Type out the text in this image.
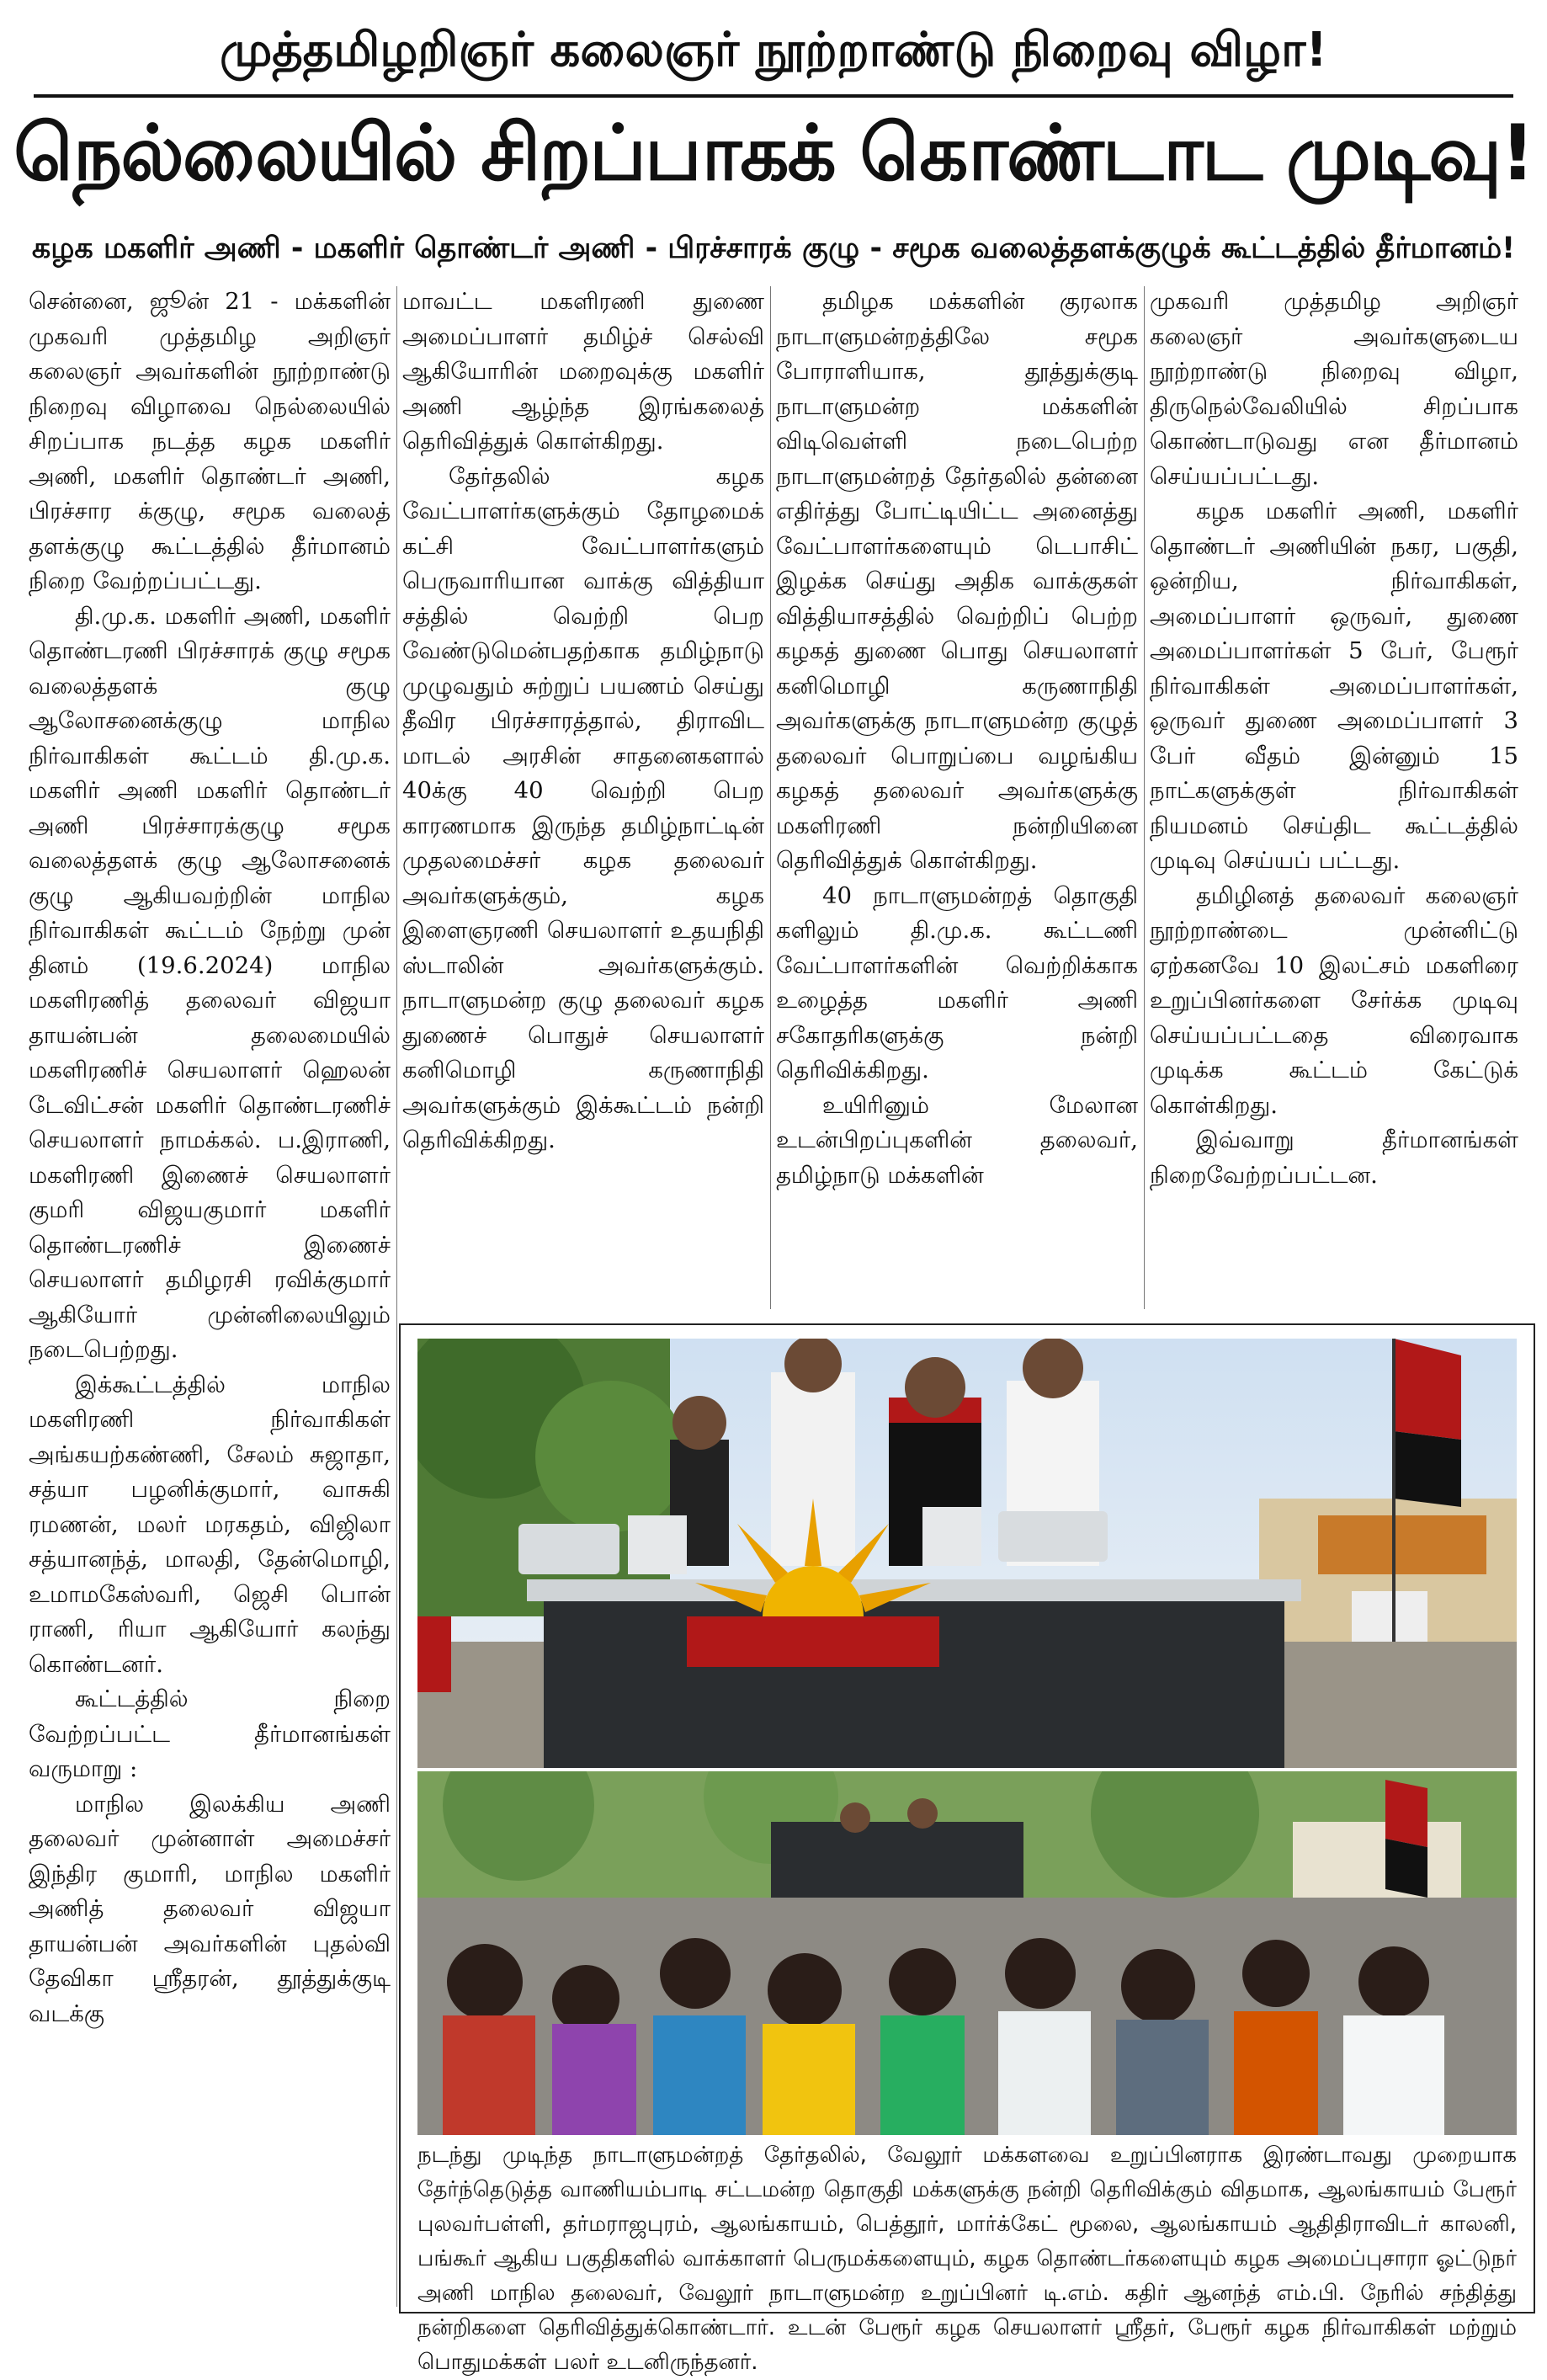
முத்தமிழறிஞர் கலைஞர் நூற்றாண்டு நிறைவு விழா!
நெல்லையில் சிறப்பாகக் கொண்டாட முடிவு!
கழக மகளிர் அணி - மகளிர் தொண்டர் அணி - பிரச்சாரக் குழு - சமூக வலைத்தளக்குழுக் கூட்டத்தில் தீர்மானம்!

சென்னை, ஜூன் 21 - மக்களின் முகவரி முத்தமிழ அறிஞர் கலைஞர் அவர்களின் நூற்றாண்டு நிறைவு விழாவை நெல்லையில் சிறப்பாக நடத்த கழக மகளிர் அணி, மகளிர் தொண்டர் அணி, பிரச்சார க்குழு, சமூக வலைத் தளக்குழு கூட்டத்தில் தீர்மானம் நிறை வேற்றப்பட்டது.

தி.மு.க. மகளிர் அணி, மகளிர் தொண்டரணி பிரச்சாரக் குழு சமூக வலைத்தளக் குழு ஆலோசனைக்குழு மாநில நிர்வாகிகள் கூட்டம் தி.மு.க. மகளிர் அணி மகளிர் தொண்டர் அணி பிரச்சாரக்குழு சமூக வலைத்தளக் குழு ஆலோசனைக் குழு ஆகியவற்றின் மாநில நிர்வாகிகள் கூட்டம் நேற்று முன் தினம் (19.6.2024) மாநில மகளிரணித் தலைவர் விஜயா தாயன்பன் தலைமையில் மகளிரணிச் செயலாளர் ஹெலன் டேவிட்சன் மகளிர் தொண்டரணிச் செயலாளர் நாமக்கல். ப.இராணி, மகளிரணி இணைச் செயலாளர் குமரி விஜயகுமார் மகளிர் தொண்டரணிச் இணைச் செயலாளர் தமிழரசி ரவிக்குமார் ஆகியோர் முன்னிலையிலும் நடைபெற்றது.

இக்கூட்டத்தில் மாநில மகளிரணி நிர்வாகிகள் அங்கயற்கண்ணி, சேலம் சுஜாதா, சத்யா பழனிக்குமார், வாசுகி ரமணன், மலர் மரகதம், விஜிலா சத்யானந்த், மாலதி, தேன்மொழி, உமாமகேஸ்வரி, ஜெசி பொன் ராணி, ரியா ஆகியோர் கலந்து கொண்டனர்.

கூட்டத்தில் நிறை வேற்றப்பட்ட தீர்மானங்கள் வருமாறு :

மாநில இலக்கிய அணி தலைவர் முன்னாள் அமைச்சர் இந்திர குமாரி, மாநில மகளிர் அணித் தலைவர் விஜயா தாயன்பன் அவர்களின் புதல்வி தேவிகா ஸ்ரீதரன், தூத்துக்குடி வடக்கு

மாவட்ட மகளிரணி துணை அமைப்பாளர் தமிழ்ச் செல்வி ஆகியோரின் மறைவுக்கு மகளிர் அணி ஆழ்ந்த இரங்கலைத் தெரிவித்துக் கொள்கிறது.

தேர்தலில் கழக வேட்பாளர்களுக்கும் தோழமைக் கட்சி வேட்பாளர்களும் பெருவாரியான வாக்கு வித்தியா சத்தில் வெற்றி பெற வேண்டுமென்பதற்காக தமிழ்நாடு முழுவதும் சுற்றுப் பயணம் செய்து தீவிர பிரச்சாரத்தால், திராவிட மாடல் அரசின் சாதனைகளால் 40க்கு 40 வெற்றி பெற காரணமாக இருந்த தமிழ்நாட்டின் முதலமைச்சர் கழக தலைவர் அவர்களுக்கும், கழக இளைஞரணி செயலாளர் உதயநிதி ஸ்டாலின் அவர்களுக்கும். நாடாளுமன்ற குழு தலைவர் கழக துணைச் பொதுச் செயலாளர் கனிமொழி கருணாநிதி அவர்களுக்கும் இக்கூட்டம் நன்றி தெரிவிக்கிறது.

தமிழக மக்களின் குரலாக நாடாளுமன்றத்திலே சமூக போராளியாக, தூத்துக்குடி நாடாளுமன்ற மக்களின் விடிவெள்ளி நடைபெற்ற நாடாளுமன்றத் தேர்தலில் தன்னை எதிர்த்து போட்டியிட்ட அனைத்து வேட்பாளர்களையும் டெபாசிட் இழக்க செய்து அதிக வாக்குகள் வித்தியாசத்தில் வெற்றிப் பெற்ற கழகத் துணை பொது செயலாளர் கனிமொழி கருணாநிதி அவர்களுக்கு நாடாளுமன்ற குழுத் தலைவர் பொறுப்பை வழங்கிய கழகத் தலைவர் அவர்களுக்கு மகளிரணி நன்றியினை தெரிவித்துக் கொள்கிறது.

40 நாடாளுமன்றத் தொகுதி களிலும் தி.மு.க. கூட்டணி வேட்பாளர்களின் வெற்றிக்காக உழைத்த மகளிர் அணி சகோதரிகளுக்கு நன்றி தெரிவிக்கிறது.

உயிரினும் மேலான உடன்பிறப்புகளின் தலைவர், தமிழ்நாடு மக்களின்

முகவரி முத்தமிழ அறிஞர் கலைஞர் அவர்களுடைய நூற்றாண்டு நிறைவு விழா, திருநெல்வேலியில் சிறப்பாக கொண்டாடுவது என தீர்மானம் செய்யப்பட்டது.

கழக மகளிர் அணி, மகளிர் தொண்டர் அணியின் நகர, பகுதி, ஒன்றிய, நிர்வாகிகள், அமைப்பாளர் ஒருவர், துணை அமைப்பாளர்கள் 5 பேர், பேரூர் நிர்வாகிகள் அமைப்பாளர்கள், ஒருவர் துணை அமைப்பாளர் 3 பேர் வீதம் இன்னும் 15 நாட்களுக்குள் நிர்வாகிகள் நியமனம் செய்திட கூட்டத்தில் முடிவு செய்யப் பட்டது.

தமிழினத் தலைவர் கலைஞர் நூற்றாண்டை முன்னிட்டு ஏற்கனவே 10 இலட்சம் மகளிரை உறுப்பினர்களை சேர்க்க முடிவு செய்யப்பட்டதை விரைவாக முடிக்க கூட்டம் கேட்டுக் கொள்கிறது.

இவ்வாறு தீர்மானங்கள் நிறைவேற்றப்பட்டன.

நடந்து முடிந்த நாடாளுமன்றத் தேர்தலில், வேலூர் மக்களவை உறுப்பினராக இரண்டாவது முறையாக தேர்ந்தெடுத்த வாணியம்பாடி சட்டமன்ற தொகுதி மக்களுக்கு நன்றி தெரிவிக்கும் விதமாக, ஆலங்காயம் பேரூர் புலவர்பள்ளி, தர்மராஜபுரம், ஆலங்காயம், பெத்தூர், மார்க்கேட் மூலை, ஆலங்காயம் ஆதிதிராவிடர் காலனி, பங்கூர் ஆகிய பகுதிகளில் வாக்காளர் பெருமக்களையும், கழக தொண்டர்களையும் கழக அமைப்புசாரா ஓட்டுநர் அணி மாநில தலைவர், வேலூர் நாடாளுமன்ற உறுப்பினர் டி.எம். கதிர் ஆனந்த் எம்.பி. நேரில் சந்தித்து நன்றிகளை தெரிவித்துக்கொண்டார். உடன் பேரூர் கழக செயலாளர் ஸ்ரீதர், பேரூர் கழக நிர்வாகிகள் மற்றும் பொதுமக்கள் பலர் உடனிருந்தனர்.
